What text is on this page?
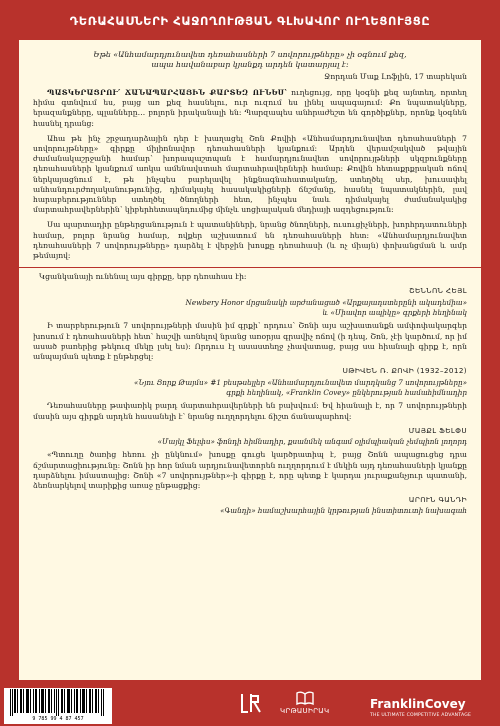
ԴԵՌԱՀԱՍՆԵՐԻ ՀԱՋՈՂՈՒԹՅԱՆ ԳԼԽԱՎՈՐ ՈՒՂԵՑՈՒՅՑԸ
Եթե «Անհամարդյունավետ դեռահասների 7 սովորույթները» չի օգնում քեզ,
ապա հավանաբար կյանքդ արդեն կատարյալ է:
Ջորդան Մաք Լոֆլին, 17 տարեկան

ՊԱՏԿԵՐԱՑՐՈՒ՛ ՃԱՆԱՊԱՐՀԱՅԻՆ ՔԱՐՏԵԶ ՈՒՆԵՍ՝ ուղեցույց, որը կօգնի քեզ այնտեղ, որտեղ հիմա գտնվում ես, բայց առ քեզ հասնելու, ուր ուզում ես լինել ապագայում: Քո նպատակները, երազանքները, պլանները… բոլորն իրականալի են: Պարզապես անհրաժեշտ են գործիքներ, որոնք կօգնեն հասնել դրանց:

Ահա թե ինչ շրջադարձային դեր է խաղացել Շոն Քովիի «Անհամարդյունավետ դեռահասների 7 սովորույթները» գիրքը միլիոնավոր դեռահասների կյանքում: Արդեն վերամշակված թվային ժամանակաշրջանի համար՝ խորապաշտպան է համարդյունավետ սովորույթների սկզբունքները դեռահասների կյանքում առկա ամենավստահ մարտահրավերների համար: Քովին հետաքրքրական ոճով ներկայացնում է, թե ինչպես բարելավել ինքնագնահատականը, ստեղծել սեր, խուսափել անհանդուրժողականությունից, դիմակայել հասակակիցների ճնշմանը, հասնել նպատակներին, լավ հարաբերություններ ստեղծել ծնողների հետ, ինչպես նաև դիմակայել ժամանակակից մարտահրավերներին՝ կիբերհետապնդումից մինչև սոցիալական մեդիայի ազդեցություն:

Սա պարտադիր ընթերցանություն է պատանիների, նրանց ծնողների, ուսուցիչների, խորհրդատուների համար, բոլոր նրանց համար, ովքեր աշխատում են դեռահասների հետ: «Անհամարդյունավետ դեռահասների 7 սովորույթները» դարձել է վերջին խոսքը դեռահասի (և ոչ միայն) փոխանցման և ամր թեմայով:

Կցանկանայի ունենալ այս գիրքը, երբ դեռահաս էի:

ՇԵՆՆՈՆ ՀԵՅԼ
Newbery Honor մրցանակի արժանացած «Արքայադստերընի ակադեմիա»
և «Միավոր ապիկը» գրքերի հեղինակ

Ի տարբերություն 7 սովորույթների մասին իմ գրքի՝ որդուս՝ Շոնի այս աշխատանքն ամփոփակարգեր խոսում է դեռահասների հետ՝ հաշվի առնելով նրանց առօրյա գրավիչ ոճով (ի դեպ, Շոն, չէի կարծում, որ իմ ասած բառերից թեկուզ մեկը լսել ես): Որդուս էլ ասաստեղջ չհավատաց, բայց սա հիանալի գիրք է, որն անպայման պետք է ընթերցել:

ՍԹԻՎԵՆ Ռ. ՔՈՎԻ (1932–2012)
«Նյու Յորք Թայմս» #1 բեսթսելլեր «Անհամարդյունավետ մարդկանց 7 սովորույթները»
գրքի հեղինակ, «Franklin Covey» ընկերության համահիմնադիր

Դեռահասները թափառիկ բարդ մարտահրավերների են բախվում: Եվ հիանալի է, որ 7 սովորույթների մասին այս գիրքն արդեն հասանելի է՝ նրանց ուղղորդելու ճիշտ ճանապարհով:

ՄԱՅՔԼ ՖԵԼՓՍ
«Մայկլ Ֆելփս» ֆոնդի հիմնադիր, քսանմեկ անգամ օլիմպիական չեմպիոն լողորդ

«Պտուղը ծառից հեռու չի ընկնում» խոսքը գուցե կարծրատիպ է, բայց Շոնն ապացուցեց դրա ճշմարտացիությունը: Շոնն իր հոր նման արդյունավետորեն ուղղորդում է մեկին այդ դեռահասների կյանքը դարձնելու իմաստալից: Շոնի «7 սովորույթներ»-ի գիրքը է, որը պետք է կարդա յուրաքանչյուր պատանի, ձեռնարկելով տարիքից առաջ ընթացքից:

ԱՐՈՒՆ ԳԱՆԴԻ
«Գանդի» համաշխարհային կրթության ինստիտուտի նախագահ
9 785 99 4 87 457
ԿՐԹԱՍԻՐԱԿ	FranklinCovey
THE ULTIMATE COMPETITIVE ADVANTAGE
